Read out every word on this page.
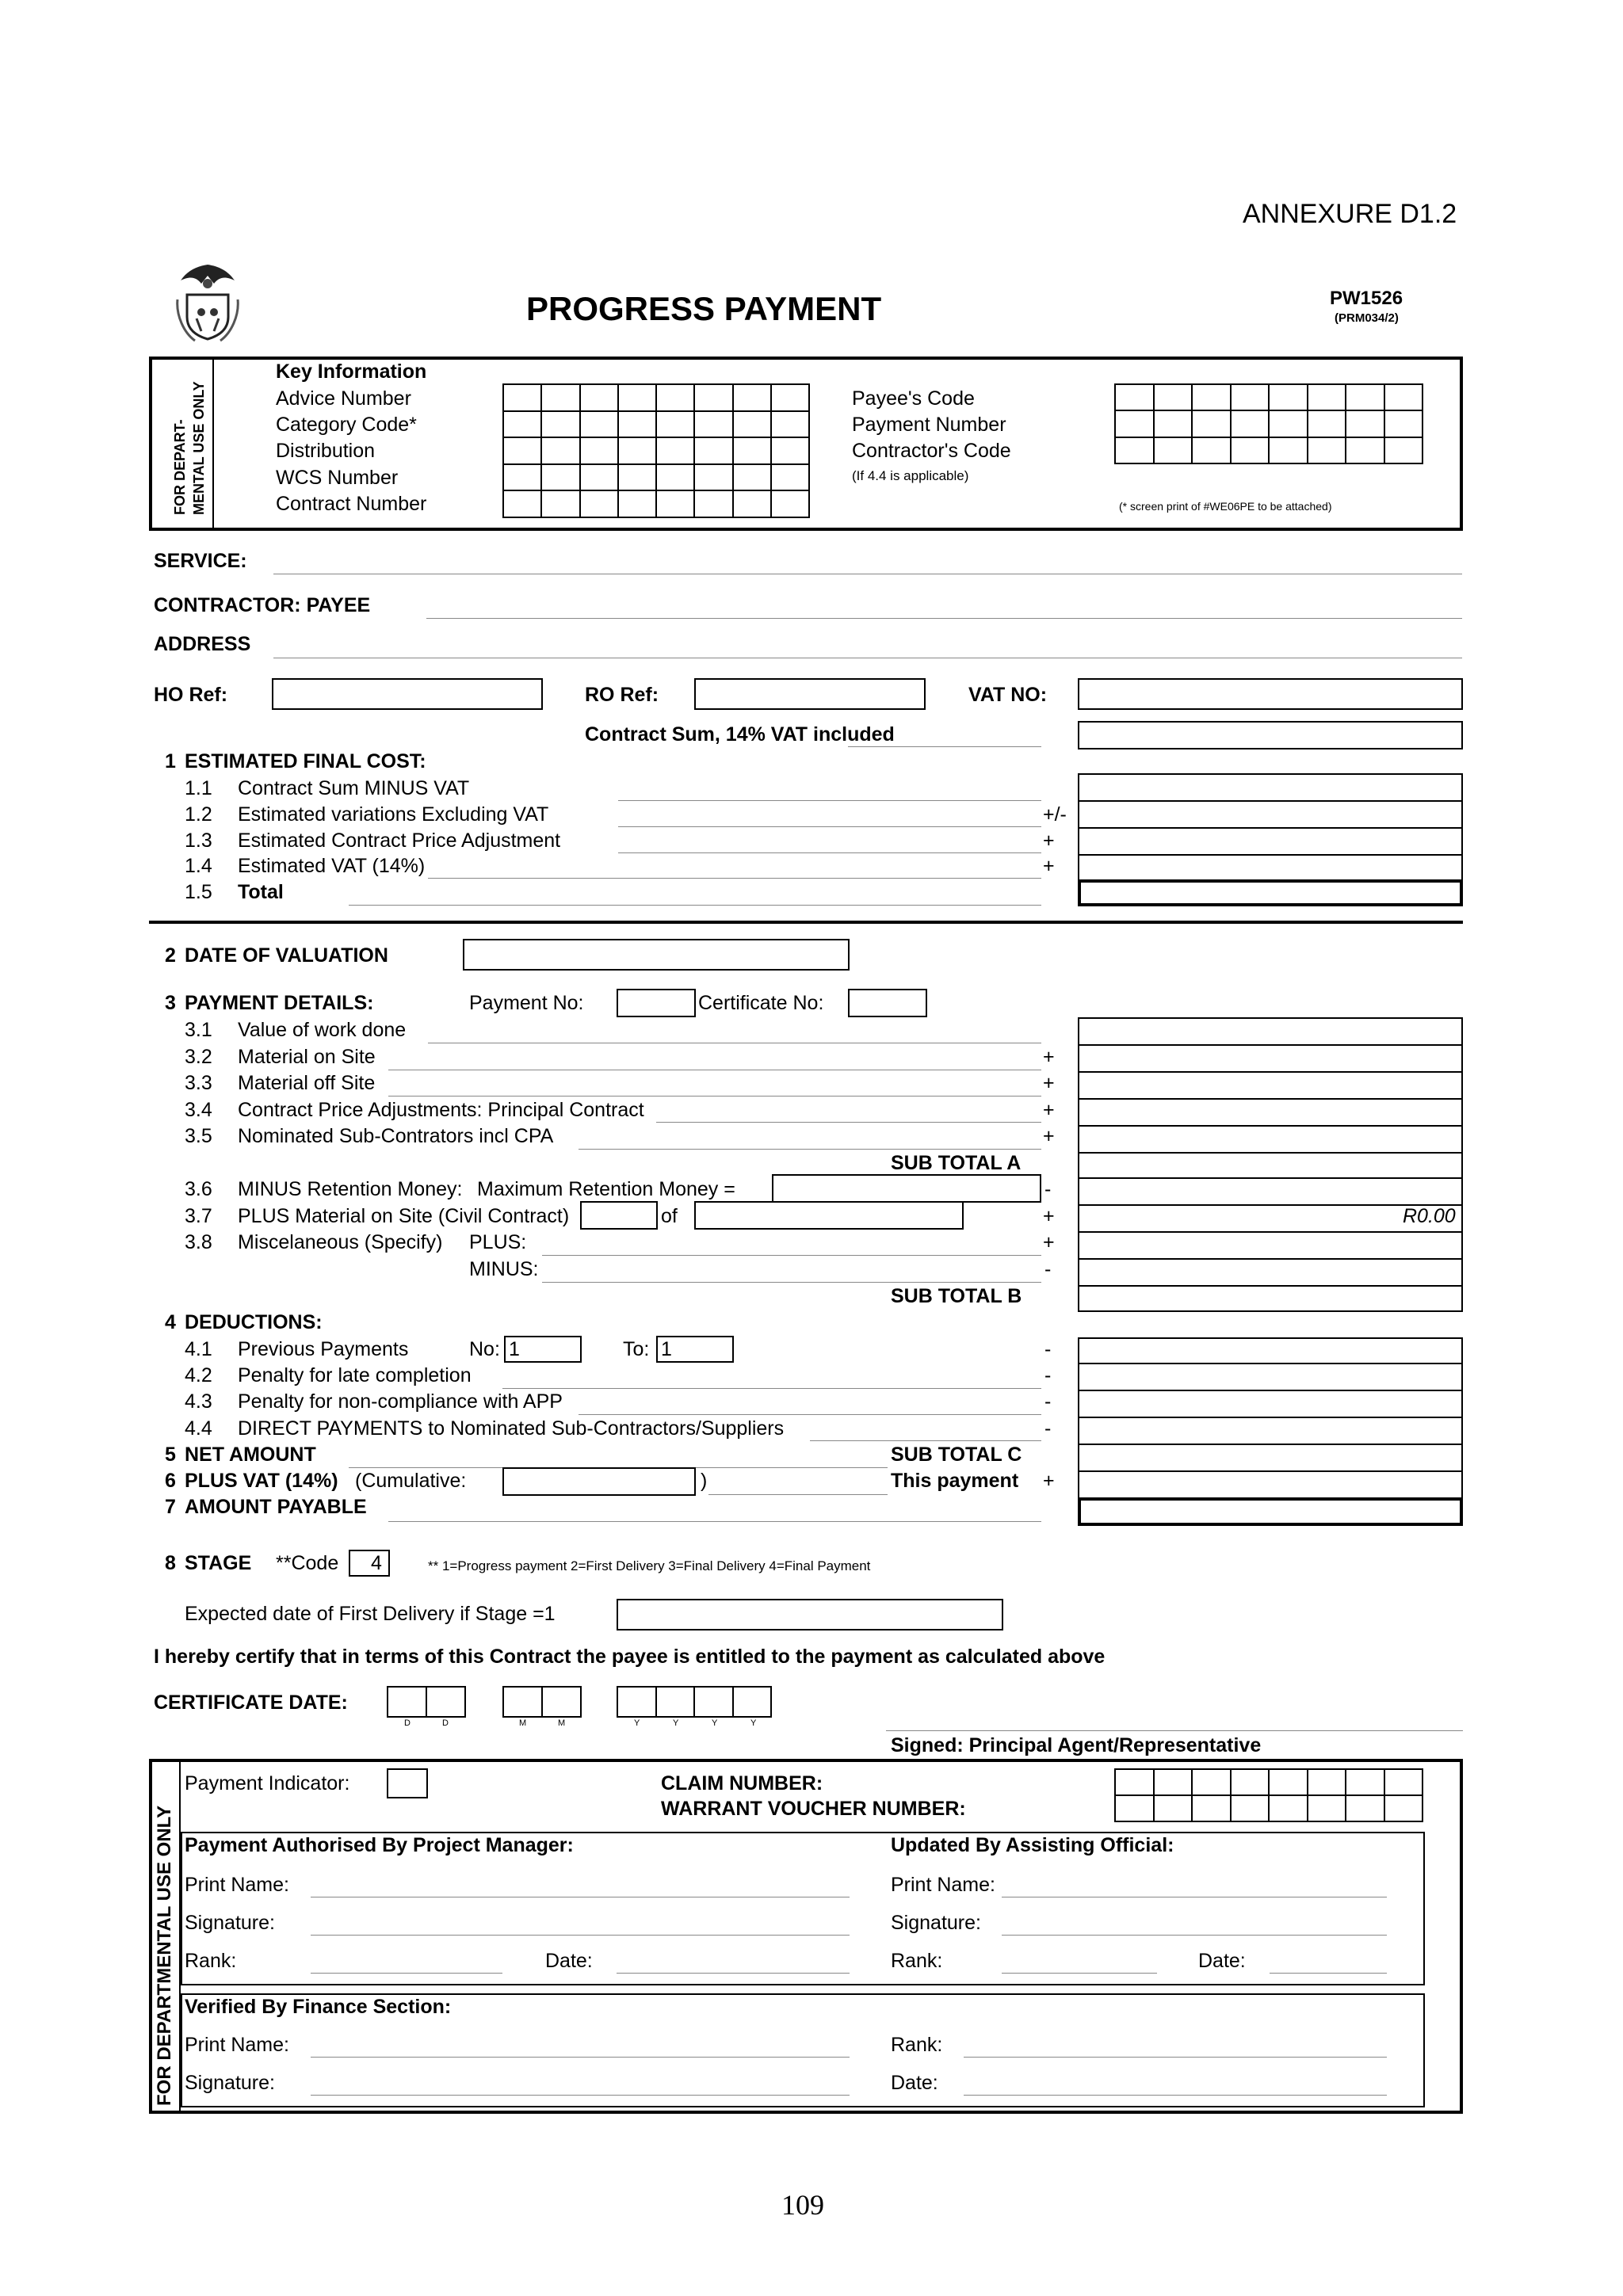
ANNEXURE D1.2
PROGRESS PAYMENT	PW1526
(PRM034/2)
FOR DEPART- MENTAL USE ONLY
Key Information
Advice Number
Category Code*
Distribution
WCS Number
Contract Number

Payee's Code
Payment Number
Contractor's Code
(If 4.4 is applicable)

(* screen print of #WE06PE to be attached)
SERVICE:
CONTRACTOR: PAYEE
ADDRESS
HO Ref:	RO Ref:	VAT NO:
Contract Sum, 14% VAT included
1 ESTIMATED FINAL COST:
1.1 Contract Sum MINUS VAT
1.2 Estimated variations Excluding VAT	+/-
1.3 Estimated Contract Price Adjustment	+
1.4 Estimated VAT (14%)	+
1.5 Total
2 DATE OF VALUATION
3 PAYMENT DETAILS:	Payment No:	Certificate No:
3.1 Value of work done
3.2 Material on Site	+
3.3 Material off Site	+
3.4 Contract Price Adjustments: Principal Contract	+
3.5 Nominated Sub-Contrators incl CPA	+
SUB TOTAL A
3.6 MINUS Retention Money: Maximum Retention Money =	-
3.7 PLUS Material on Site (Civil Contract)	of	+	R0.00
3.8 Miscelaneous (Specify) PLUS:	+
MINUS:	-
SUB TOTAL B
4 DEDUCTIONS:
4.1 Previous Payments	No: 1	To: 1	-
4.2 Penalty for late completion	-
4.3 Penalty for non-compliance with APP	-
4.4 DIRECT PAYMENTS to Nominated Sub-Contractors/Suppliers	-
5 NET AMOUNT	SUB TOTAL C
6 PLUS VAT (14%) (Cumulative:	)	This payment +
7 AMOUNT PAYABLE
8 STAGE **Code 4	** 1=Progress payment 2=First Delivery 3=Final Delivery 4=Final Payment
Expected date of First Delivery if Stage =1
I hereby certify that in terms of this Contract the payee is entitled to the payment as calculated above
CERTIFICATE DATE:

D	D	M	M	Y	Y	Y	Y
Signed: Principal Agent/Representative
FOR DEPARTMENTAL USE ONLY
Payment Indicator:	CLAIM NUMBER:
WARRANT VOUCHER NUMBER:

Payment Authorised By Project Manager:	Updated By Assisting Official:
Print Name:	Print Name:
Signature:	Signature:
Rank:	Date:	Rank:	Date:
Verified By Finance Section:
Print Name:	Rank:
Signature:	Date:
109
